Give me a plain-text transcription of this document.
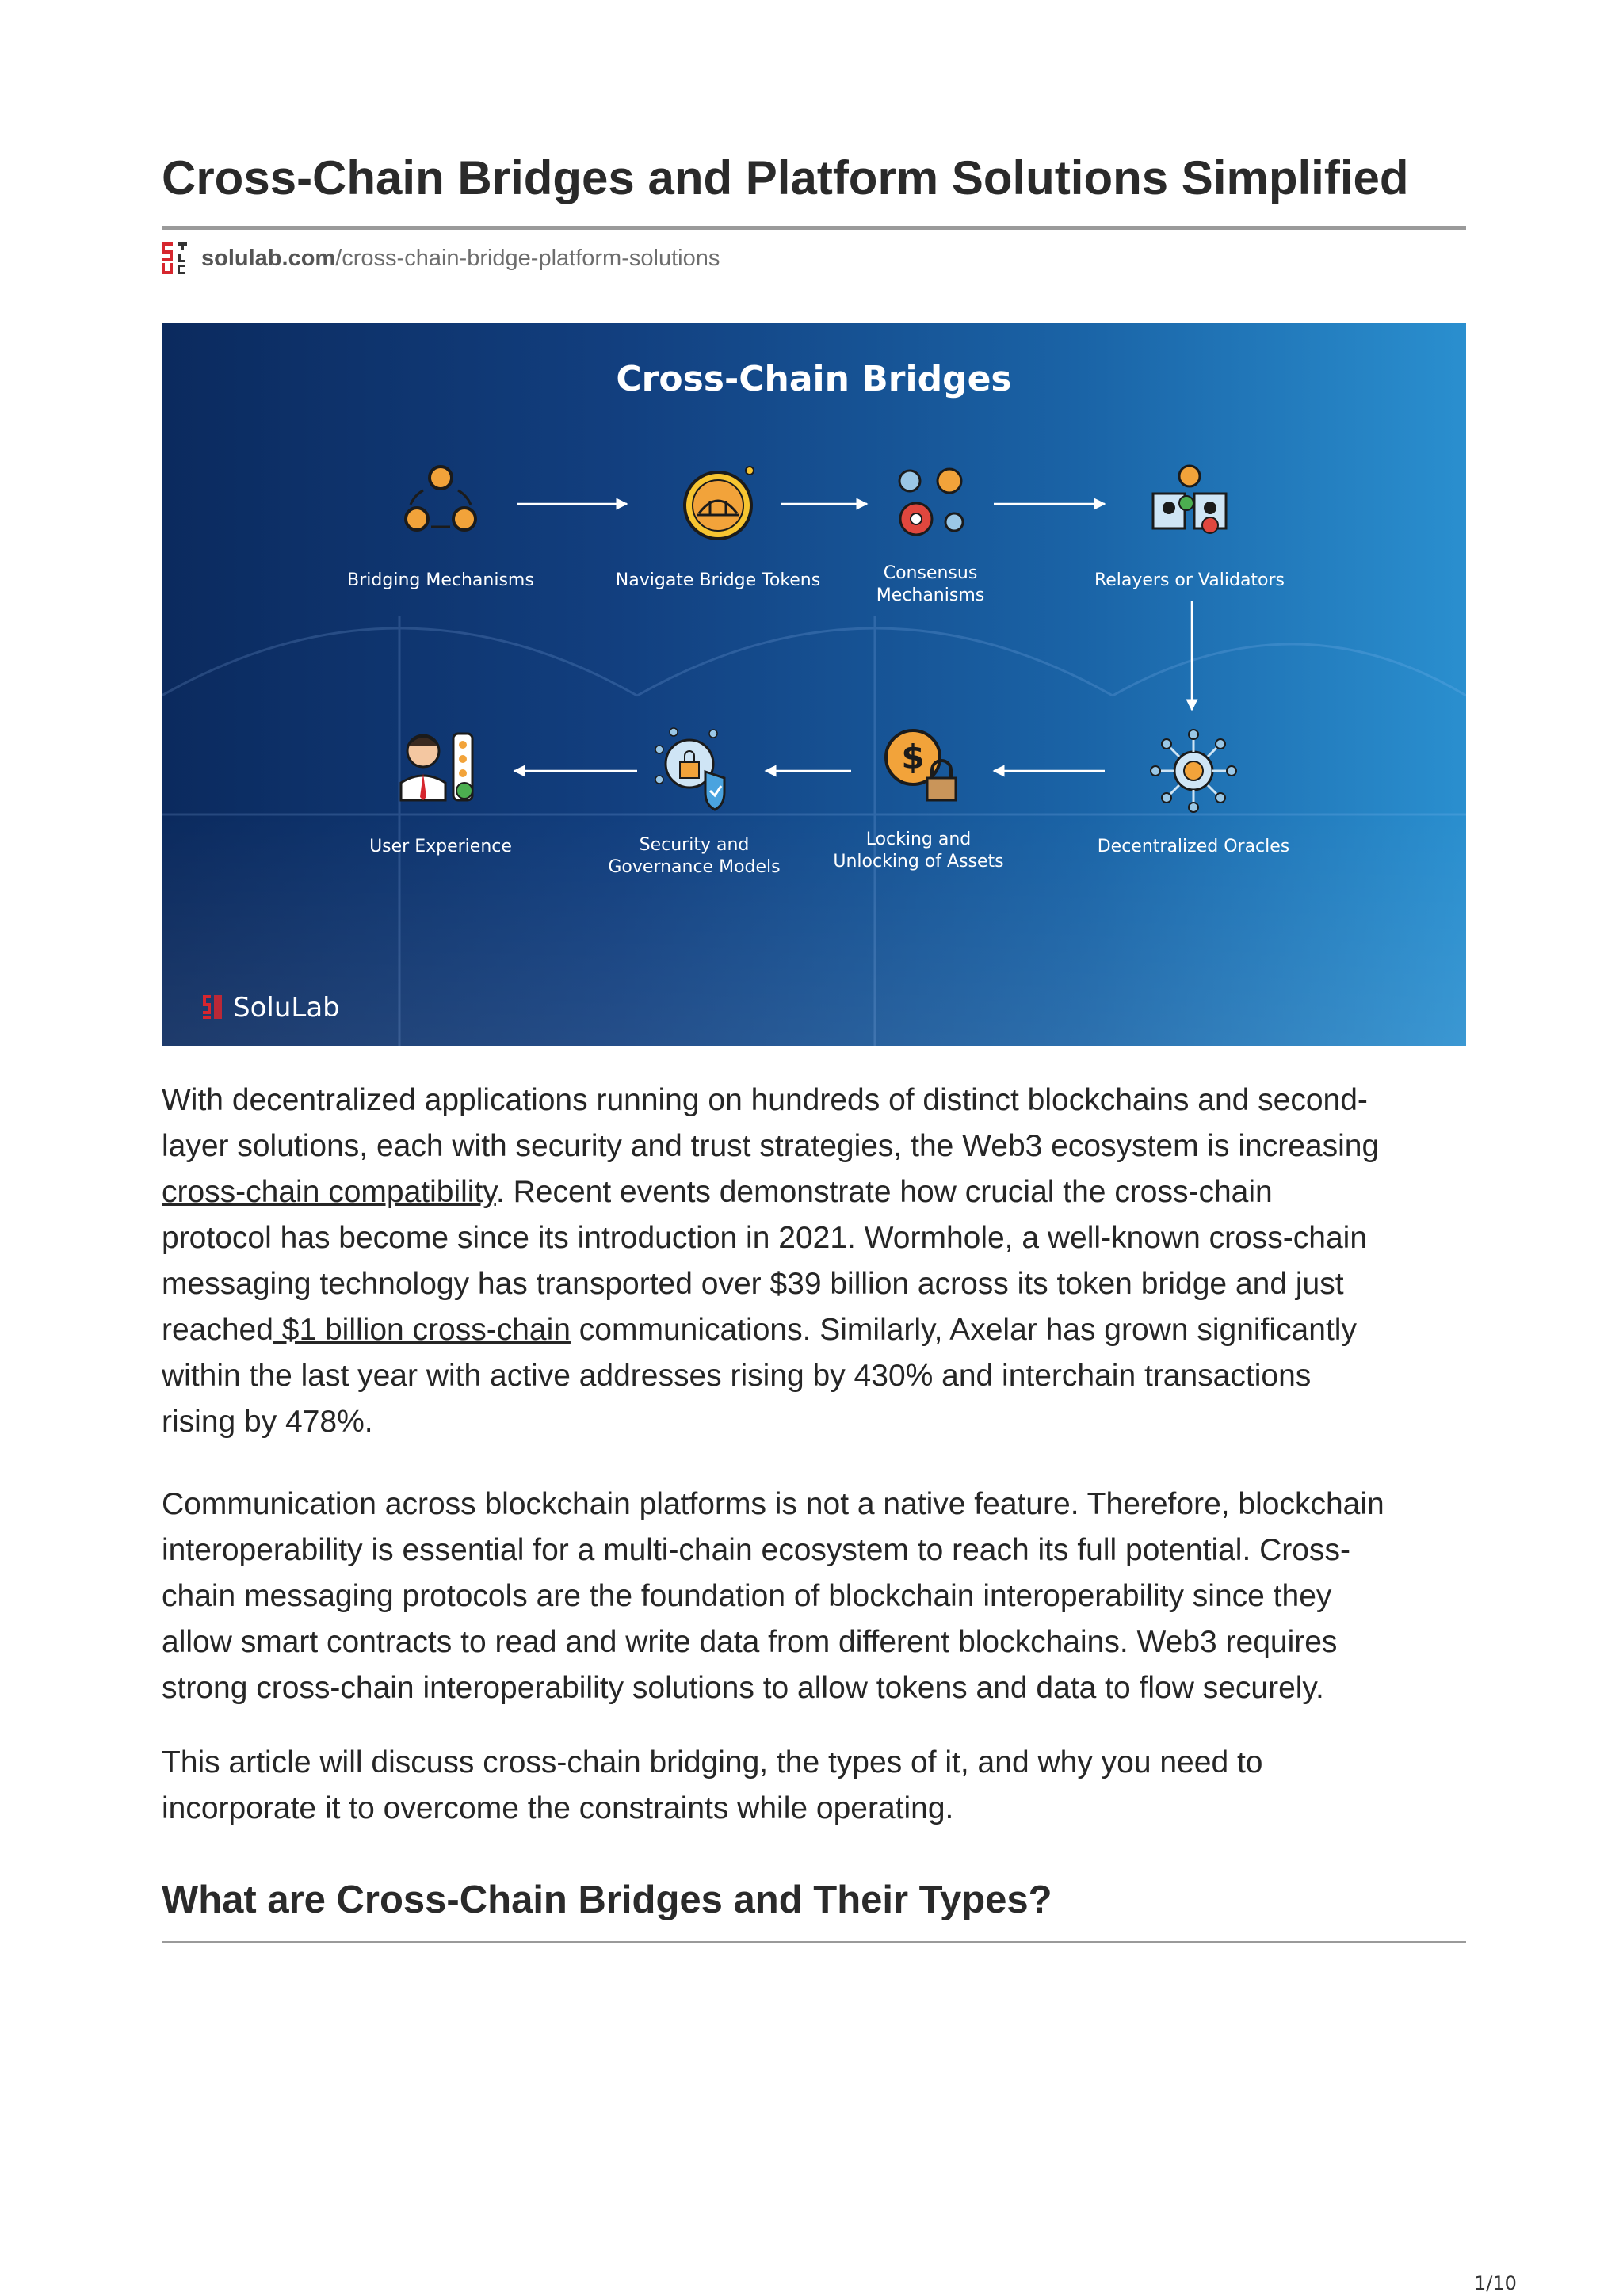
Cross-Chain Bridges and Platform Solutions Simplified
solulab.com /cross-chain-bridge-platform-solutions
Cross-Chain Bridges
Bridging Mechanisms	Navigate Bridge Tokens	Consensus
Mechanisms
Relayers or Validators
Decentralized Oracles
$
Locking and
Unlocking of Assets
Security and
Governance Models
User Experience
SoluLab

With decentralized applications running on hundreds of distinct blockchains and second-
layer solutions, each with security and trust strategies, the Web3 ecosystem is increasing
cross-chain compatibility. Recent events demonstrate how crucial the cross-chain
protocol has become since its introduction in 2021. Wormhole, a well-known cross-chain
messaging technology has transported over $39 billion across its token bridge and just
reached $1 billion cross-chain communications. Similarly, Axelar has grown significantly
within the last year with active addresses rising by 430% and interchain transactions
rising by 478%.

Communication across blockchain platforms is not a native feature. Therefore, blockchain
interoperability is essential for a multi-chain ecosystem to reach its full potential. Cross-
chain messaging protocols are the foundation of blockchain interoperability since they
allow smart contracts to read and write data from different blockchains. Web3 requires
strong cross-chain interoperability solutions to allow tokens and data to flow securely.

This article will discuss cross-chain bridging, the types of it, and why you need to
incorporate it to overcome the constraints while operating.

What are Cross-Chain Bridges and Their Types?
1/10
